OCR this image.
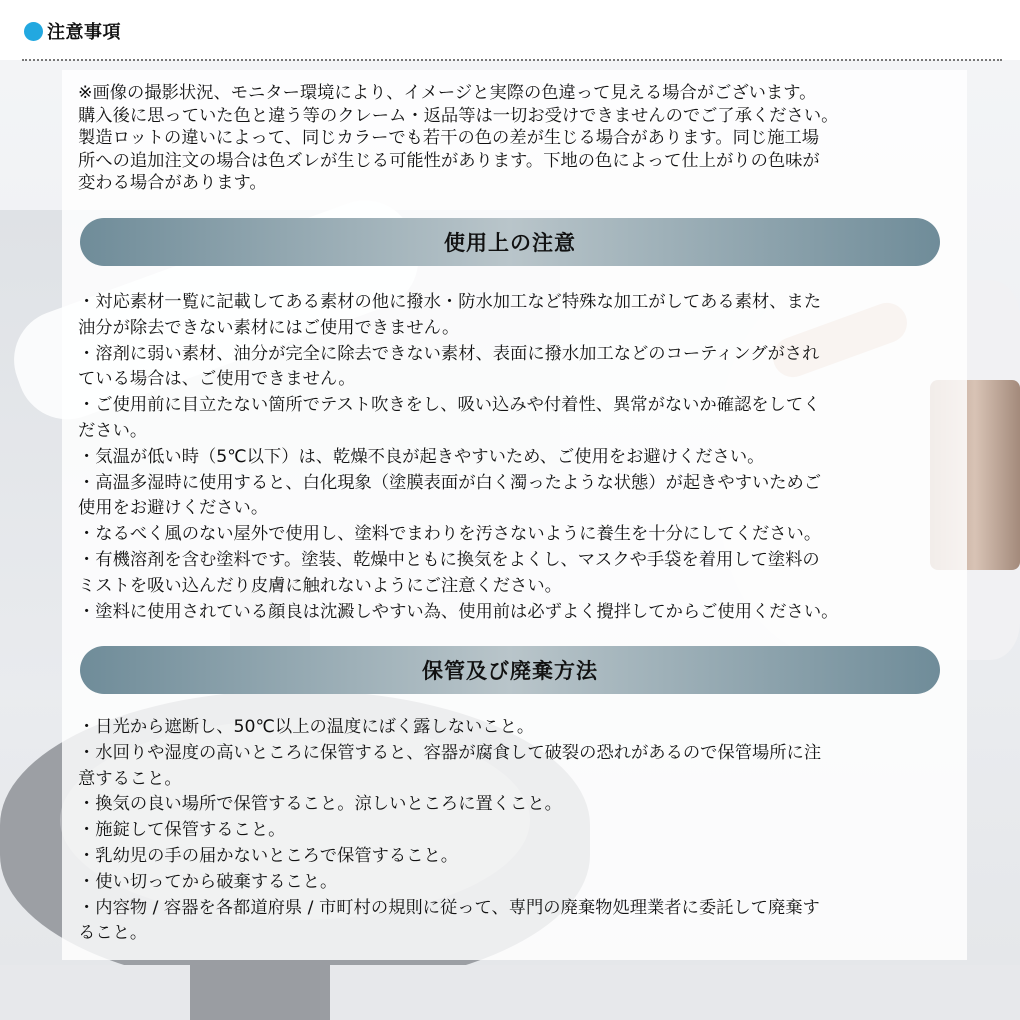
注意事項
※画像の撮影状況、モニター環境により、イメージと実際の色違って見える場合がございます。
購入後に思っていた色と違う等のクレーム・返品等は一切お受けできませんのでご了承ください。
製造ロットの違いによって、同じカラーでも若干の色の差が生じる場合があります。同じ施工場
所への追加注文の場合は色ズレが生じる可能性があります。下地の色によって仕上がりの色味が
変わる場合があります。
使用上の注意
・対応素材一覧に記載してある素材の他に撥水・防水加工など特殊な加工がしてある素材、また
油分が除去できない素材にはご使用できません。
・溶剤に弱い素材、油分が完全に除去できない素材、表面に撥水加工などのコーティングがされ
ている場合は、ご使用できません。
・ご使用前に目立たない箇所でテスト吹きをし、吸い込みや付着性、異常がないか確認をしてく
ださい。
・気温が低い時（5℃以下）は、乾燥不良が起きやすいため、ご使用をお避けください。
・高温多湿時に使用すると、白化現象（塗膜表面が白く濁ったような状態）が起きやすいためご
使用をお避けください。
・なるべく風のない屋外で使用し、塗料でまわりを汚さないように養生を十分にしてください。
・有機溶剤を含む塗料です。塗装、乾燥中ともに換気をよくし、マスクや手袋を着用して塗料の
ミストを吸い込んだり皮膚に触れないようにご注意ください。
・塗料に使用されている顔良は沈澱しやすい為、使用前は必ずよく攪拌してからご使用ください。
保管及び廃棄方法
・日光から遮断し、50℃以上の温度にばく露しないこと。
・水回りや湿度の高いところに保管すると、容器が腐食して破裂の恐れがあるので保管場所に注
意すること。
・換気の良い場所で保管すること。涼しいところに置くこと。
・施錠して保管すること。
・乳幼児の手の届かないところで保管すること。
・使い切ってから破棄すること。
・内容物 / 容器を各都道府県 / 市町村の規則に従って、専門の廃棄物処理業者に委託して廃棄す
ること。
